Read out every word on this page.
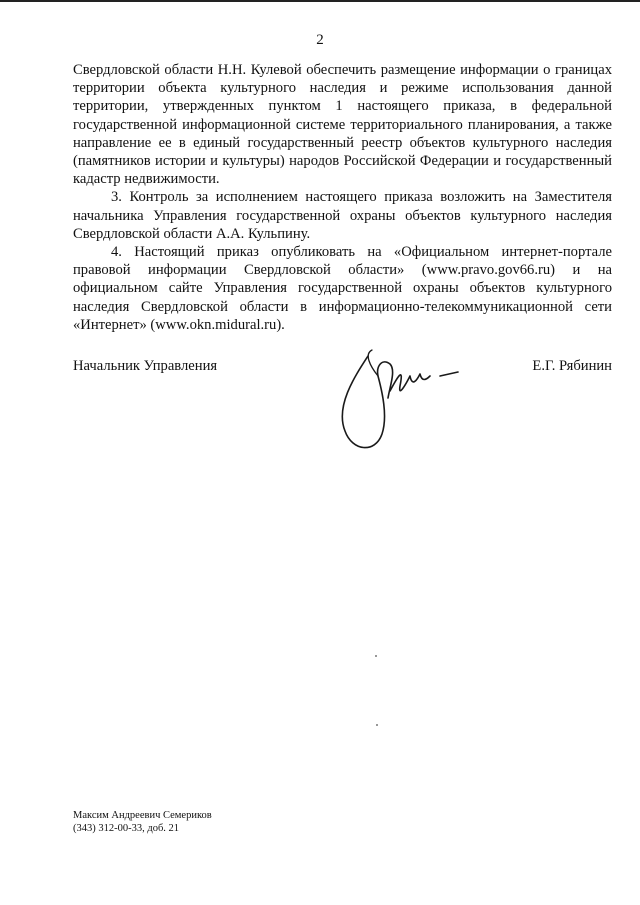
2

Свердловской области Н.Н. Кулевой обеспечить размещение информации о границах территории объекта культурного наследия и режиме использования данной территории, утвержденных пунктом 1 настоящего приказа, в федеральной государственной информационной системе территориального планирования, а также направление ее в единый государственный реестр объектов культурного наследия (памятников истории и культуры) народов Российской Федерации и государственный кадастр недвижимости.

3. Контроль за исполнением настоящего приказа возложить на Заместителя начальника Управления государственной охраны объектов культурного наследия Свердловской области А.А. Кульпину.

4. Настоящий приказ опубликовать на «Официальном интернет-портале правовой информации Свердловской области» (www.pravo.gov66.ru) и на официальном сайте Управления государственной охраны объектов культурного наследия Свердловской области в информационно-телекоммуникационной сети «Интернет» (www.okn.midural.ru).

Начальник Управления	Е.Г. Рябинин
Максим Андреевич Семериков
(343) 312-00-33, доб. 21
